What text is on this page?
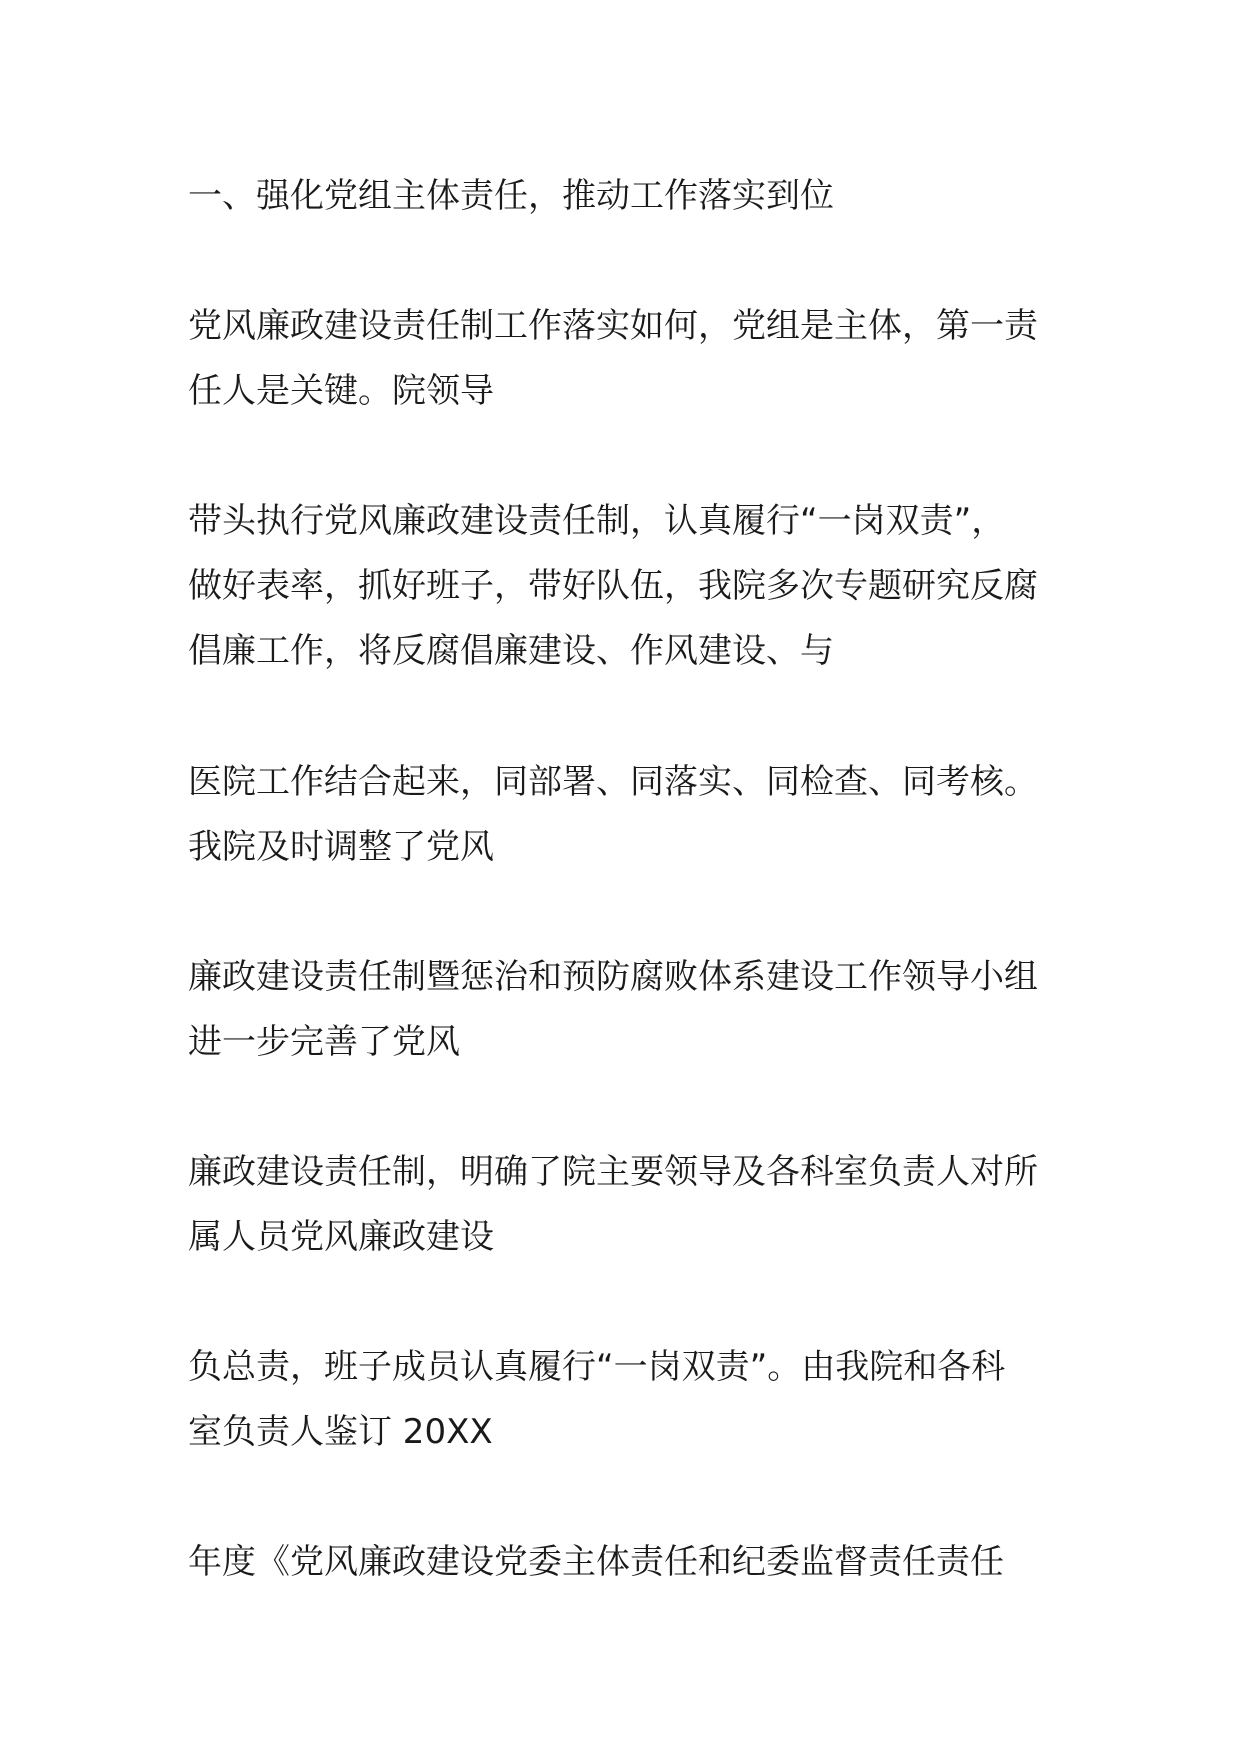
一、强化党组主体责任，推动工作落实到位
党风廉政建设责任制工作落实如何，党组是主体，第一责
任人是关键。院领导
带头执行党风廉政建设责任制，认真履行“一岗双责”，
做好表率，抓好班子，带好队伍，我院多次专题研究反腐
倡廉工作，将反腐倡廉建设、作风建设、与
医院工作结合起来，同部署、同落实、同检查、同考核。
我院及时调整了党风
廉政建设责任制暨惩治和预防腐败体系建设工作领导小组
进一步完善了党风
廉政建设责任制，明确了院主要领导及各科室负责人对所
属人员党风廉政建设
负总责，班子成员认真履行“一岗双责”。由我院和各科
室负责人鉴订 20XX
年度《党风廉政建设党委主体责任和纪委监督责任责任
